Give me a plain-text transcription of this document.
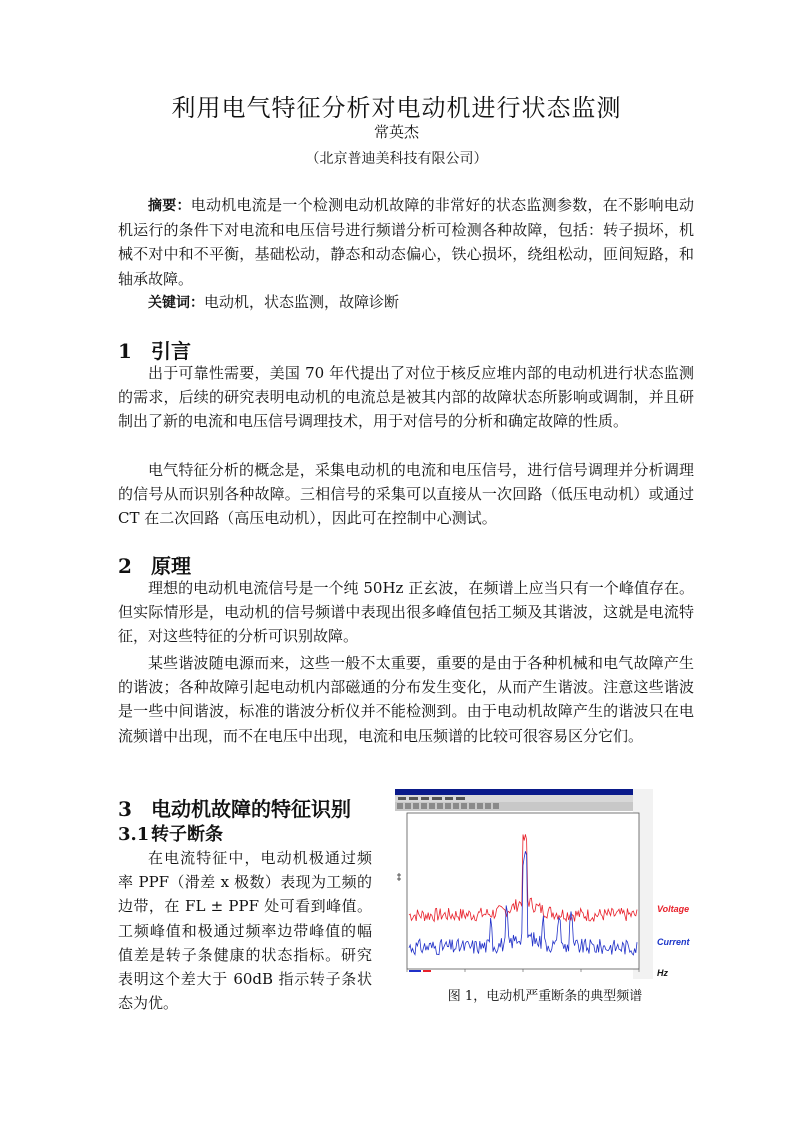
利用电气特征分析对电动机进行状态监测
常英杰
（北京普迪美科技有限公司）

摘要：电动机电流是一个检测电动机故障的非常好的状态监测参数，在不影响电动机运行的条件下对电流和电压信号进行频谱分析可检测各种故障，包括：转子损坏，机械不对中和不平衡，基础松动，静态和动态偏心，铁心损坏，绕组松动，匝间短路，和轴承故障。

关键词：电动机，状态监测，故障诊断

1 引言

出于可靠性需要，美国 70 年代提出了对位于核反应堆内部的电动机进行状态监测的需求，后续的研究表明电动机的电流总是被其内部的故障状态所影响或调制，并且研制出了新的电流和电压信号调理技术，用于对信号的分析和确定故障的性质。

电气特征分析的概念是，采集电动机的电流和电压信号，进行信号调理并分析调理的信号从而识别各种故障。三相信号的采集可以直接从一次回路（低压电动机）或通过 CT 在二次回路（高压电动机），因此可在控制中心测试。

2 原理

理想的电动机电流信号是一个纯 50Hz 正玄波，在频谱上应当只有一个峰值存在。但实际情形是，电动机的信号频谱中表现出很多峰值包括工频及其谐波，这就是电流特征，对这些特征的分析可识别故障。

某些谐波随电源而来，这些一般不太重要，重要的是由于各种机械和电气故障产生的谐波；各种故障引起电动机内部磁通的分布发生变化，从而产生谐波。注意这些谐波是一些中间谐波，标准的谐波分析仪并不能检测到。由于电动机故障产生的谐波只在电流频谱中出现，而不在电压中出现，电流和电压频谱的比较可很容易区分它们。

3 电动机故障的特征识别
3.1转子断条

在电流特征中，电动机极通过频率 PPF（滑差 x 极数）表现为工频的边带，在 FL ± PPF 处可看到峰值。工频峰值和极通过频率边带峰值的幅值差是转子条健康的状态指标。研究表明这个差大于 60dB 指示转子条状态为优。

Voltage
Current
Hz
图 1，电动机严重断条的典型频谱
